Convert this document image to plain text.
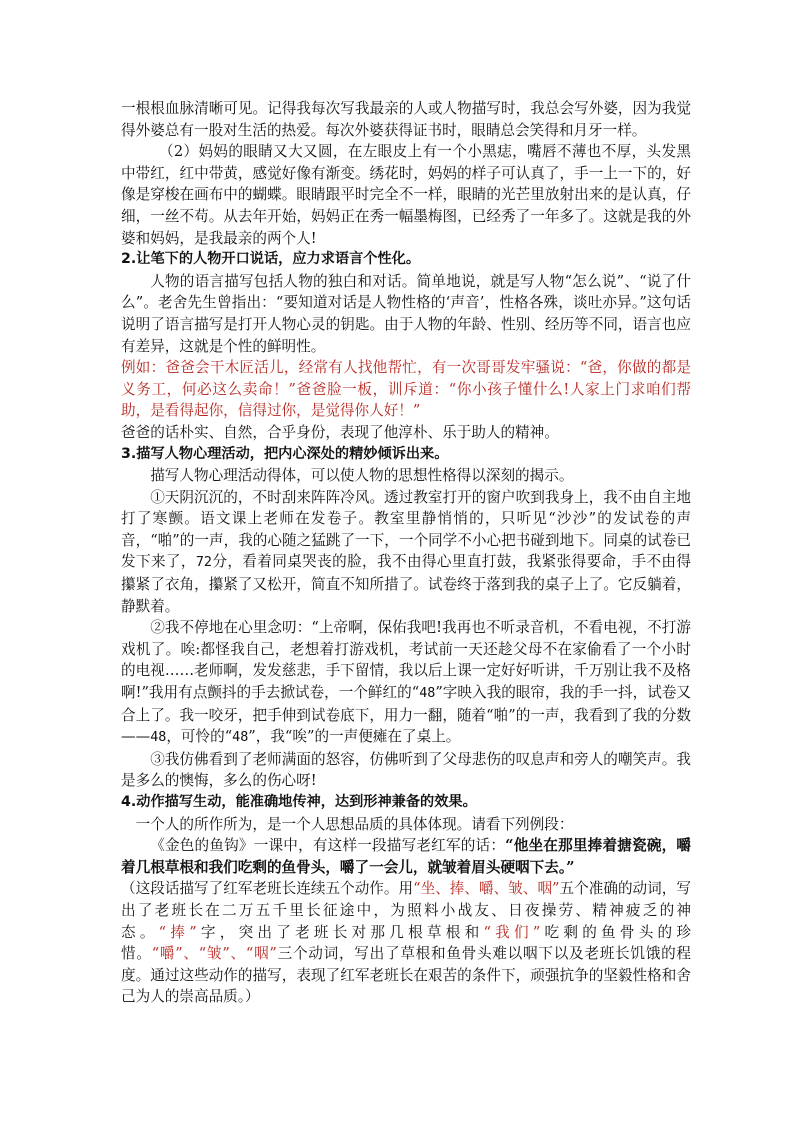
一根根血脉清晰可见。记得我每次写我最亲的人或人物描写时，我总会写外婆，因为我觉得外婆总有一股对生活的热爱。每次外婆获得证书时，眼睛总会笑得和月牙一样。

（2）妈妈的眼睛又大又圆，在左眼皮上有一个小黑痣，嘴唇不薄也不厚，头发黑中带红，红中带黄，感觉好像有渐变。绣花时，妈妈的样子可认真了，手一上一下的，好像是穿梭在画布中的蝴蝶。眼睛跟平时完全不一样，眼睛的光芒里放射出来的是认真，仔细，一丝不苟。从去年开始，妈妈正在秀一幅墨梅图，已经秀了一年多了。这就是我的外婆和妈妈，是我最亲的两个人!

2.让笔下的人物开口说话，应力求语言个性化。

人物的语言描写包括人物的独白和对话。简单地说，就是写人物“怎么说”、“说了什么”。老舍先生曾指出：“要知道对话是人物性格的‘声音’，性格各殊，谈吐亦异。”这句话说明了语言描写是打开人物心灵的钥匙。由于人物的年龄、性别、经历等不同，语言也应有差异，这就是个性的鲜明性。

例如：爸爸会干木匠活儿，经常有人找他帮忙，有一次哥哥发牢骚说：“爸，你做的都是义务工，何必这么卖命！”爸爸脸一板，训斥道：“你小孩子懂什么!人家上门求咱们帮助，是看得起你，信得过你，是觉得你人好！”

爸爸的话朴实、自然，合乎身份，表现了他淳朴、乐于助人的精神。

3.描写人物心理活动，把内心深处的精妙倾诉出来。

描写人物心理活动得体，可以使人物的思想性格得以深刻的揭示。

①天阴沉沉的，不时刮来阵阵冷风。透过教室打开的窗户吹到我身上，我不由自主地打了寒颤。语文课上老师在发卷子。教室里静悄悄的，只听见“沙沙”的发试卷的声音，“啪”的一声，我的心随之猛跳了一下，一个同学不小心把书碰到地下。同桌的试卷已发下来了，72分，看着同桌哭丧的脸，我不由得心里直打鼓，我紧张得要命，手不由得攥紧了衣角，攥紧了又松开，简直不知所措了。试卷终于落到我的桌子上了。它反躺着，静默着。

②我不停地在心里念叨：“上帝啊，保佑我吧!我再也不听录音机，不看电视，不打游戏机了。唉:都怪我自己，老想着打游戏机，考试前一天还趁父母不在家偷看了一个小时的电视……老师啊，发发慈悲，手下留情，我以后上课一定好好听讲，千万别让我不及格啊!”我用有点颤抖的手去掀试卷，一个鲜红的“48”字映入我的眼帘，我的手一抖，试卷又合上了。我一咬牙，把手伸到试卷底下，用力一翻，随着“啪”的一声，我看到了我的分数——48，可怜的“48”，我“唉”的一声便瘫在了桌上。

③我仿佛看到了老师满面的怒容，仿佛听到了父母悲伤的叹息声和旁人的嘲笑声。我是多么的懊悔，多么的伤心呀!

4.动作描写生动，能准确地传神，达到形神兼备的效果。

一个人的所作所为，是一个人思想品质的具体体现。请看下列例段：

《金色的鱼钩》一课中，有这样一段描写老红军的话：“他坐在那里捧着搪瓷碗，嚼着几根草根和我们吃剩的鱼骨头，嚼了一会儿，就皱着眉头硬咽下去。”

（这段话描写了红军老班长连续五个动作。用“坐、捧、嚼、皱、咽”五个准确的动词，写出了老班长在二万五千里长征途中，为照料小战友、日夜操劳、精神疲乏的神态。“捧”字，突出了老班长对那几根草根和“我们”吃剩的鱼骨头的珍惜。“嚼”、“皱”、“咽”三个动词，写出了草根和鱼骨头难以咽下以及老班长饥饿的程度。通过这些动作的描写，表现了红军老班长在艰苦的条件下，顽强抗争的坚毅性格和舍己为人的崇高品质。）
